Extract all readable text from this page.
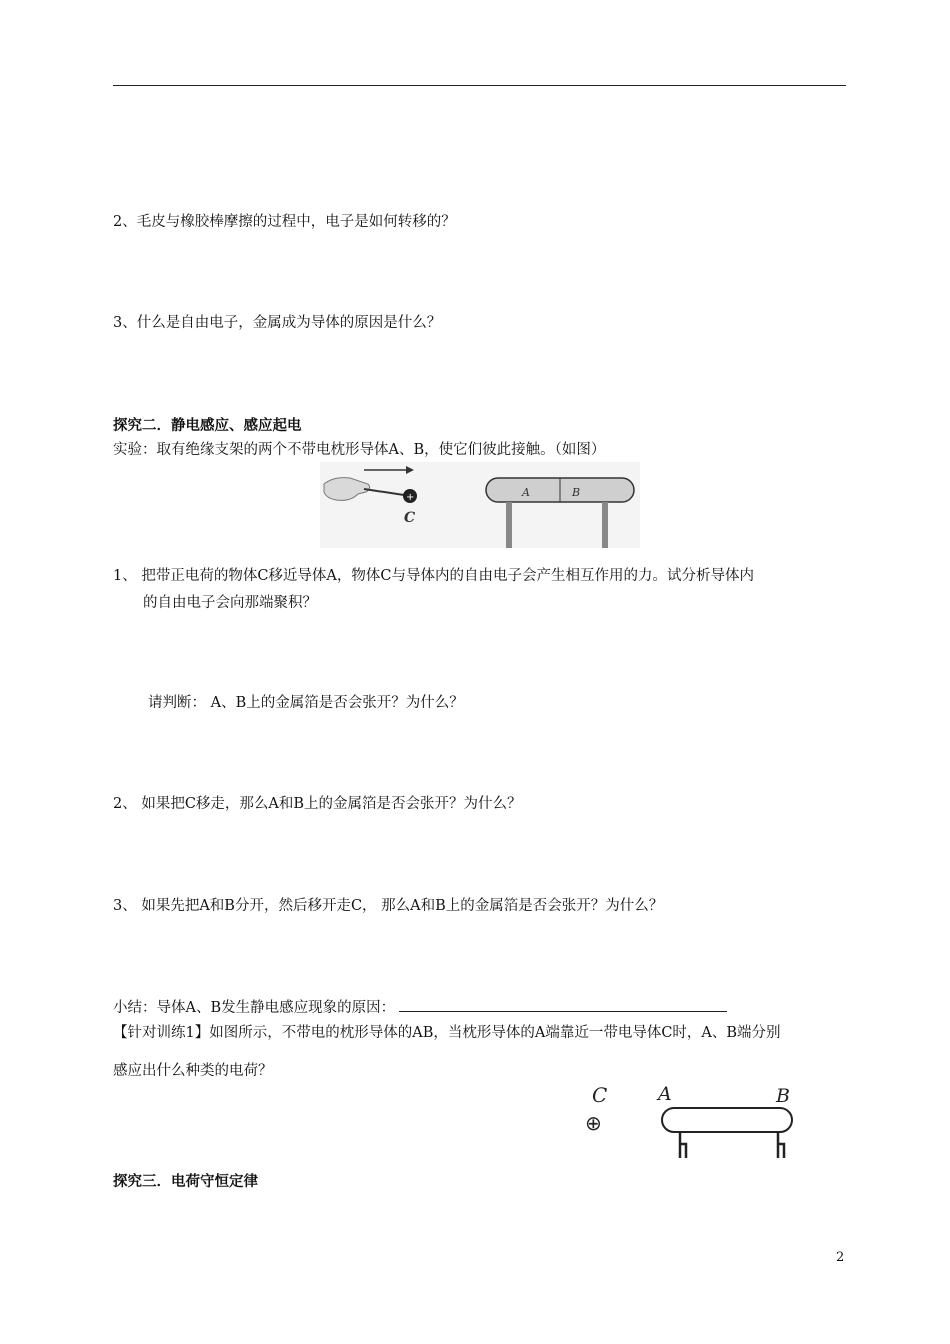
2、毛皮与橡胶棒摩擦的过程中，电子是如何转移的？
3、什么是自由电子，金属成为导体的原因是什么？
探究二．静电感应、感应起电
实验：取有绝缘支架的两个不带电枕形导体A、B，使它们彼此接触。（如图）
+
C
A	B
1、 把带正电荷的物体C移近导体A，物体C与导体内的自由电子会产生相互作用的力。试分析导体内
的自由电子会向那端聚积？
请判断： A、B上的金属箔是否会张开？为什么？
2、 如果把C移走，那么A和B上的金属箔是否会张开？为什么？
3、 如果先把A和B分开，然后移开走C， 那么A和B上的金属箔是否会张开？为什么？
小结：导体A、B发生静电感应现象的原因：
【针对训练1】如图所示，不带电的枕形导体的AB，当枕形导体的A端靠近一带电导体C时，A、B端分别
感应出什么种类的电荷？
C
⊕
A	B
探究三．电荷守恒定律
2
